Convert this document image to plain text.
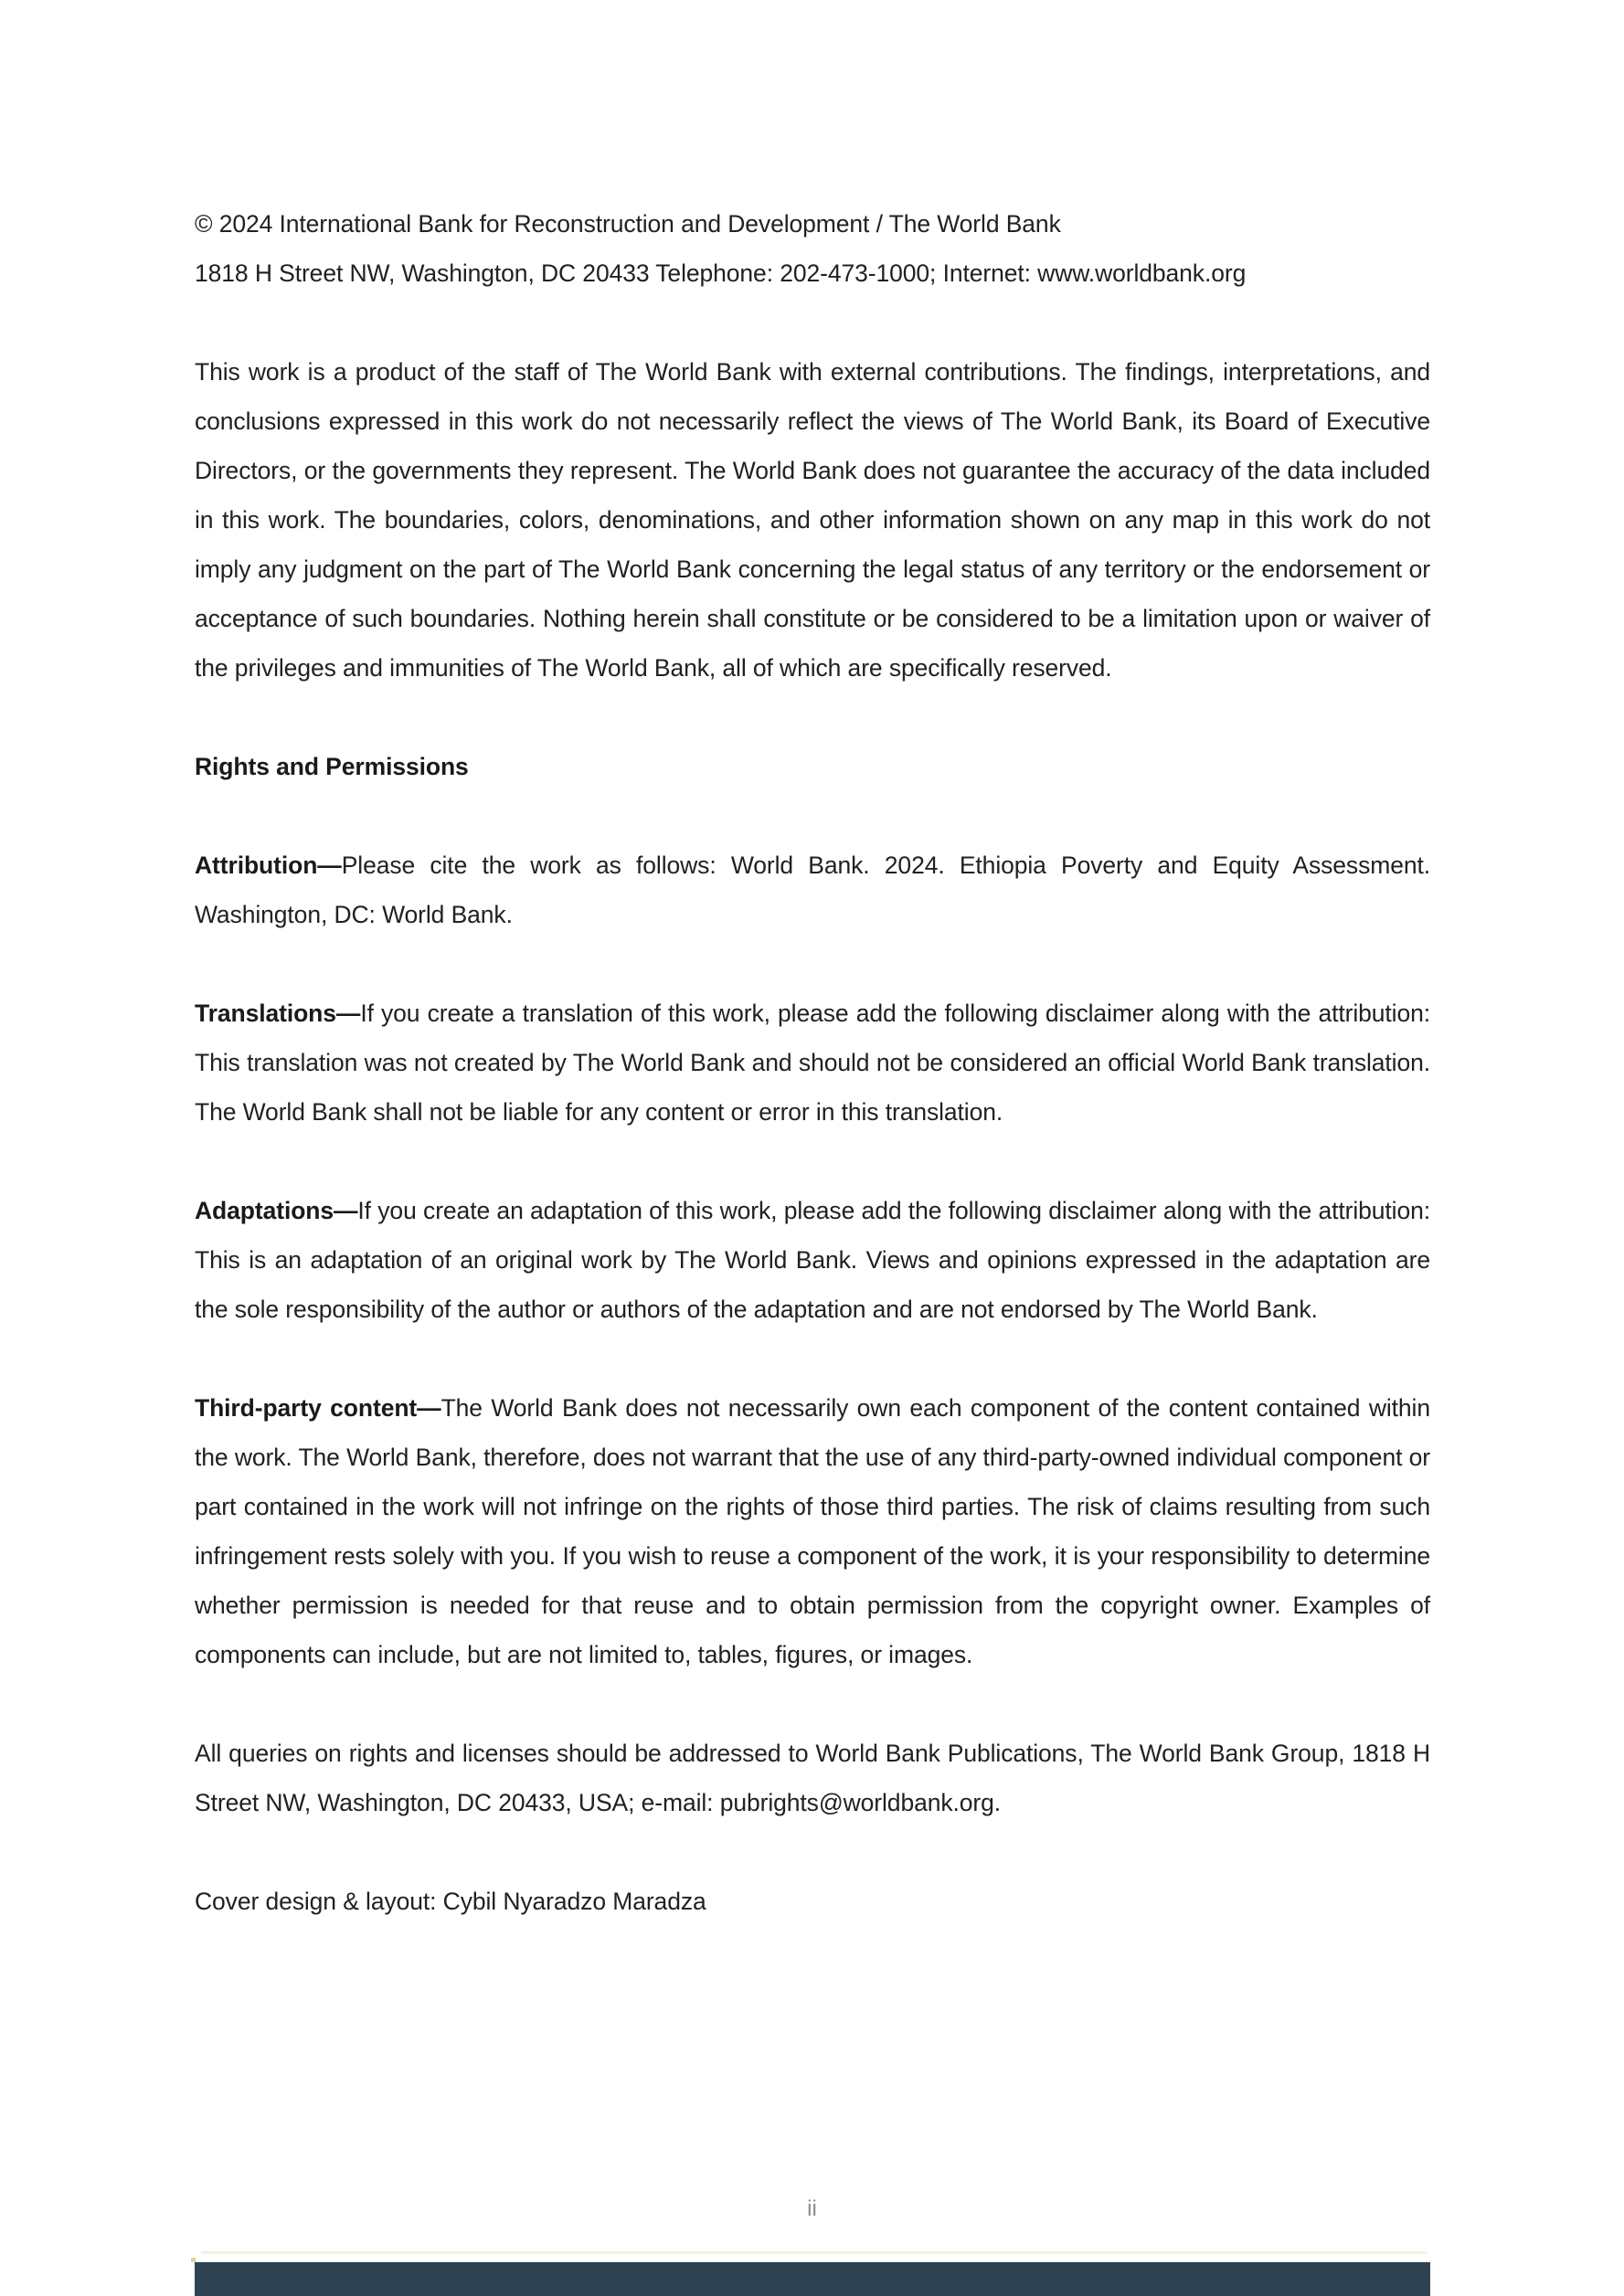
© 2024 International Bank for Reconstruction and Development / The World Bank
1818 H Street NW, Washington, DC 20433 Telephone: 202-473-1000; Internet: www.worldbank.org

This work is a product of the staff of The World Bank with external contributions. The findings, interpretations, and conclusions expressed in this work do not necessarily reflect the views of The World Bank, its Board of Executive Directors, or the governments they represent. The World Bank does not guarantee the accuracy of the data included in this work. The boundaries, colors, denominations, and other information shown on any map in this work do not imply any judgment on the part of The World Bank concerning the legal status of any territory or the endorsement or acceptance of such boundaries. Nothing herein shall constitute or be considered to be a limitation upon or waiver of the privileges and immunities of The World Bank, all of which are specifically reserved.

Rights and Permissions

Attribution—Please cite the work as follows: World Bank. 2024. Ethiopia Poverty and Equity Assessment. Washington, DC: World Bank.

Translations—If you create a translation of this work, please add the following disclaimer along with the attribution: This translation was not created by The World Bank and should not be considered an official World Bank translation. The World Bank shall not be liable for any content or error in this translation.

Adaptations—If you create an adaptation of this work, please add the following disclaimer along with the attribution: This is an adaptation of an original work by The World Bank. Views and opinions expressed in the adaptation are the sole responsibility of the author or authors of the adaptation and are not endorsed by The World Bank.

Third-party content—The World Bank does not necessarily own each component of the content contained within the work. The World Bank, therefore, does not warrant that the use of any third-party-owned individual component or part contained in the work will not infringe on the rights of those third parties. The risk of claims resulting from such infringement rests solely with you. If you wish to reuse a component of the work, it is your responsibility to determine whether permission is needed for that reuse and to obtain permission from the copyright owner. Examples of components can include, but are not limited to, tables, figures, or images.

All queries on rights and licenses should be addressed to World Bank Publications, The World Bank Group, 1818 H Street NW, Washington, DC 20433, USA; e-mail: pubrights@worldbank.org.

Cover design & layout: Cybil Nyaradzo Maradza
ii
